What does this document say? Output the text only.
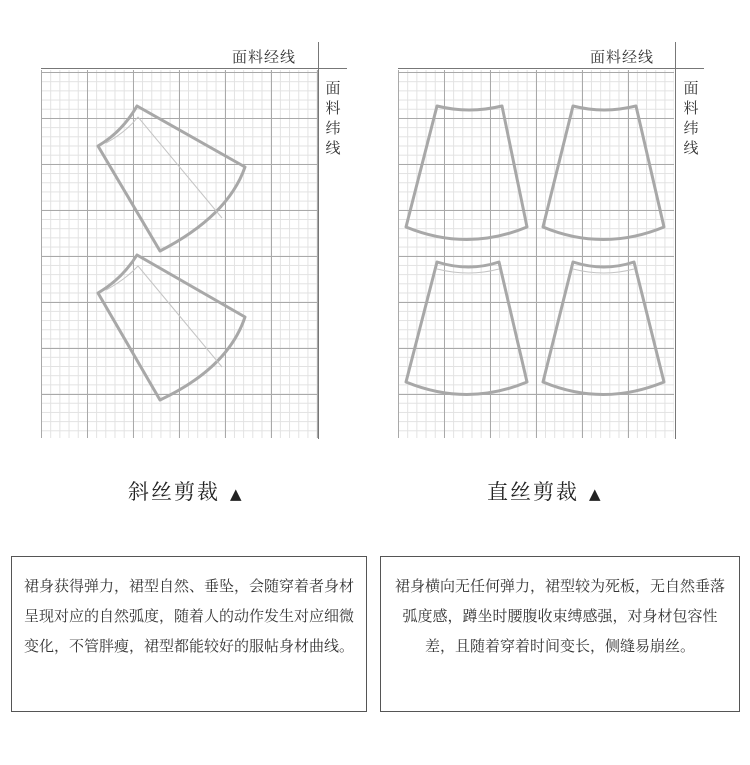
面料经线
面
料
纬
线
斜丝剪裁 ▲
裙身获得弹力，裙型自然、垂坠，会随穿着者身材呈现对应的自然弧度，随着人的动作发生对应细微变化，不管胖瘦，裙型都能较好的服帖身材曲线。
面料经线
面
料
纬
线
直丝剪裁 ▲
裙身横向无任何弹力，裙型较为死板，无自然垂落弧度感，蹲坐时腰腹收束缚感强，对身材包容性差，且随着穿着时间变长，侧缝易崩丝。
